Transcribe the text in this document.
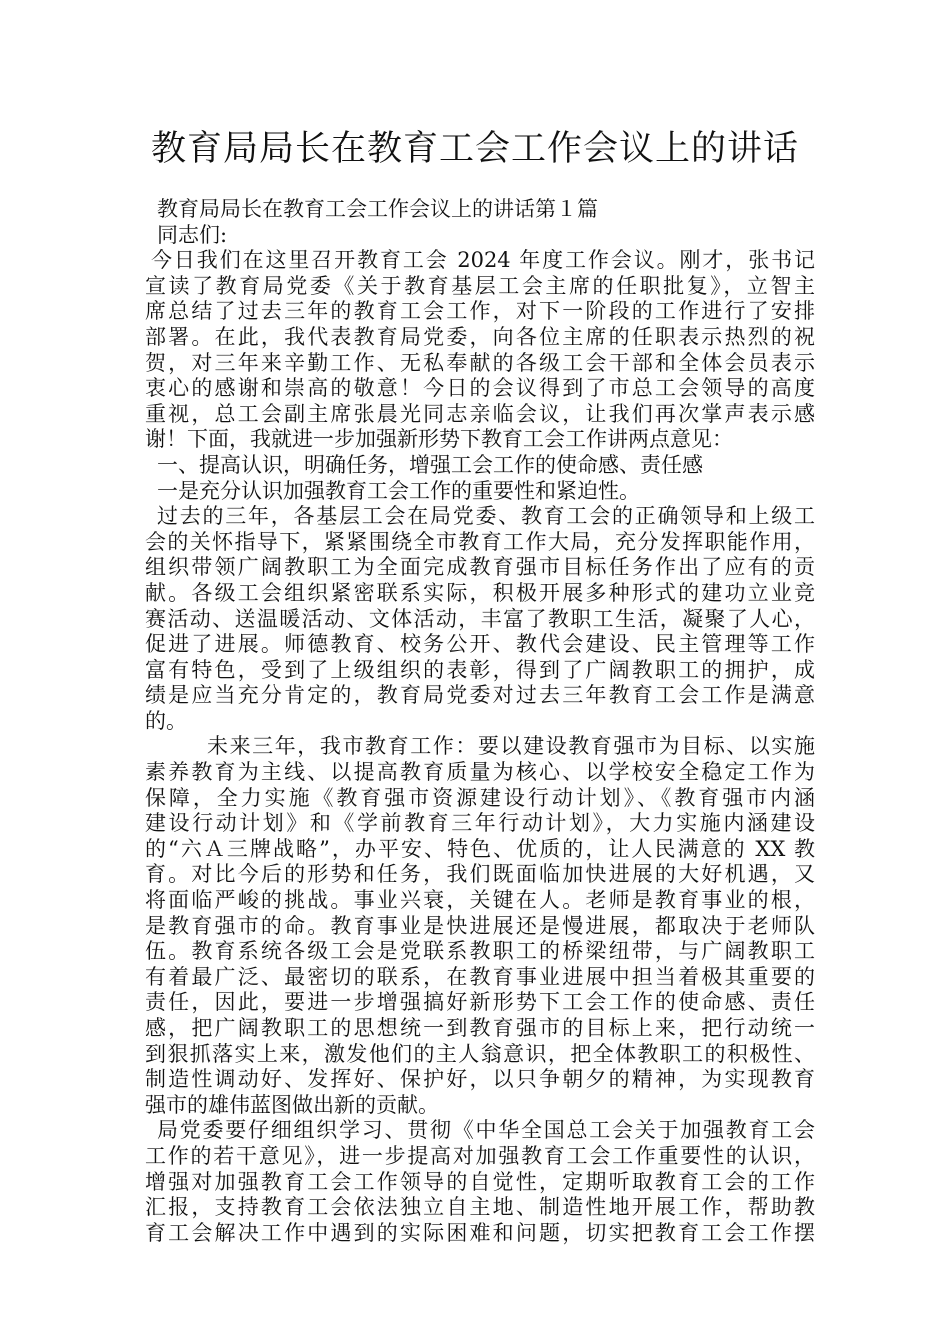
教育局局长在教育工会工作会议上的讲话
教育局局长在教育工会工作会议上的讲话第１篇
同志们:
今日我们在这里召开教育工会 2024 年度工作会议。刚才，张书记
宣读了教育局党委《关于教育基层工会主席的任职批复》，立智主
席总结了过去三年的教育工会工作，对下一阶段的工作进行了安排
部署。在此，我代表教育局党委，向各位主席的任职表示热烈的祝
贺，对三年来辛勤工作、无私奉献的各级工会干部和全体会员表示
衷心的感谢和崇高的敬意！今日的会议得到了市总工会领导的高度
重视，总工会副主席张晨光同志亲临会议，让我们再次掌声表示感
谢！下面，我就进一步加强新形势下教育工会工作讲两点意见：
一、提高认识，明确任务，增强工会工作的使命感、责任感
一是充分认识加强教育工会工作的重要性和紧迫性。
过去的三年，各基层工会在局党委、教育工会的正确领导和上级工
会的关怀指导下，紧紧围绕全市教育工作大局，充分发挥职能作用，
组织带领广阔教职工为全面完成教育强市目标任务作出了应有的贡
献。各级工会组织紧密联系实际，积极开展多种形式的建功立业竞
赛活动、送温暖活动、文体活动，丰富了教职工生活，凝聚了人心，
促进了进展。师德教育、校务公开、教代会建设、民主管理等工作
富有特色，受到了上级组织的表彰，得到了广阔教职工的拥护，成
绩是应当充分肯定的，教育局党委对过去三年教育工会工作是满意
的。
未来三年，我市教育工作：要以建设教育强市为目标、以实施
素养教育为主线、以提高教育质量为核心、以学校安全稳定工作为
保障，全力实施《教育强市资源建设行动计划》、《教育强市内涵
建设行动计划》和《学前教育三年行动计划》，大力实施内涵建设
的“六Ａ三牌战略”，办平安、特色、优质的，让人民满意的 XX 教
育。对比今后的形势和任务，我们既面临加快进展的大好机遇，又
将面临严峻的挑战。事业兴衰，关键在人。老师是教育事业的根，
是教育强市的命。教育事业是快进展还是慢进展，都取决于老师队
伍。教育系统各级工会是党联系教职工的桥梁纽带，与广阔教职工
有着最广泛、最密切的联系，在教育事业进展中担当着极其重要的
责任，因此，要进一步增强搞好新形势下工会工作的使命感、责任
感，把广阔教职工的思想统一到教育强市的目标上来，把行动统一
到狠抓落实上来，激发他们的主人翁意识，把全体教职工的积极性、
制造性调动好、发挥好、保护好，以只争朝夕的精神，为实现教育
强市的雄伟蓝图做出新的贡献。
局党委要仔细组织学习、贯彻《中华全国总工会关于加强教育工会
工作的若干意见》，进一步提高对加强教育工会工作重要性的认识，
增强对加强教育工会工作领导的自觉性，定期听取教育工会的工作
汇报，支持教育工会依法独立自主地、制造性地开展工作，帮助教
育工会解决工作中遇到的实际困难和问题，切实把教育工会工作摆
